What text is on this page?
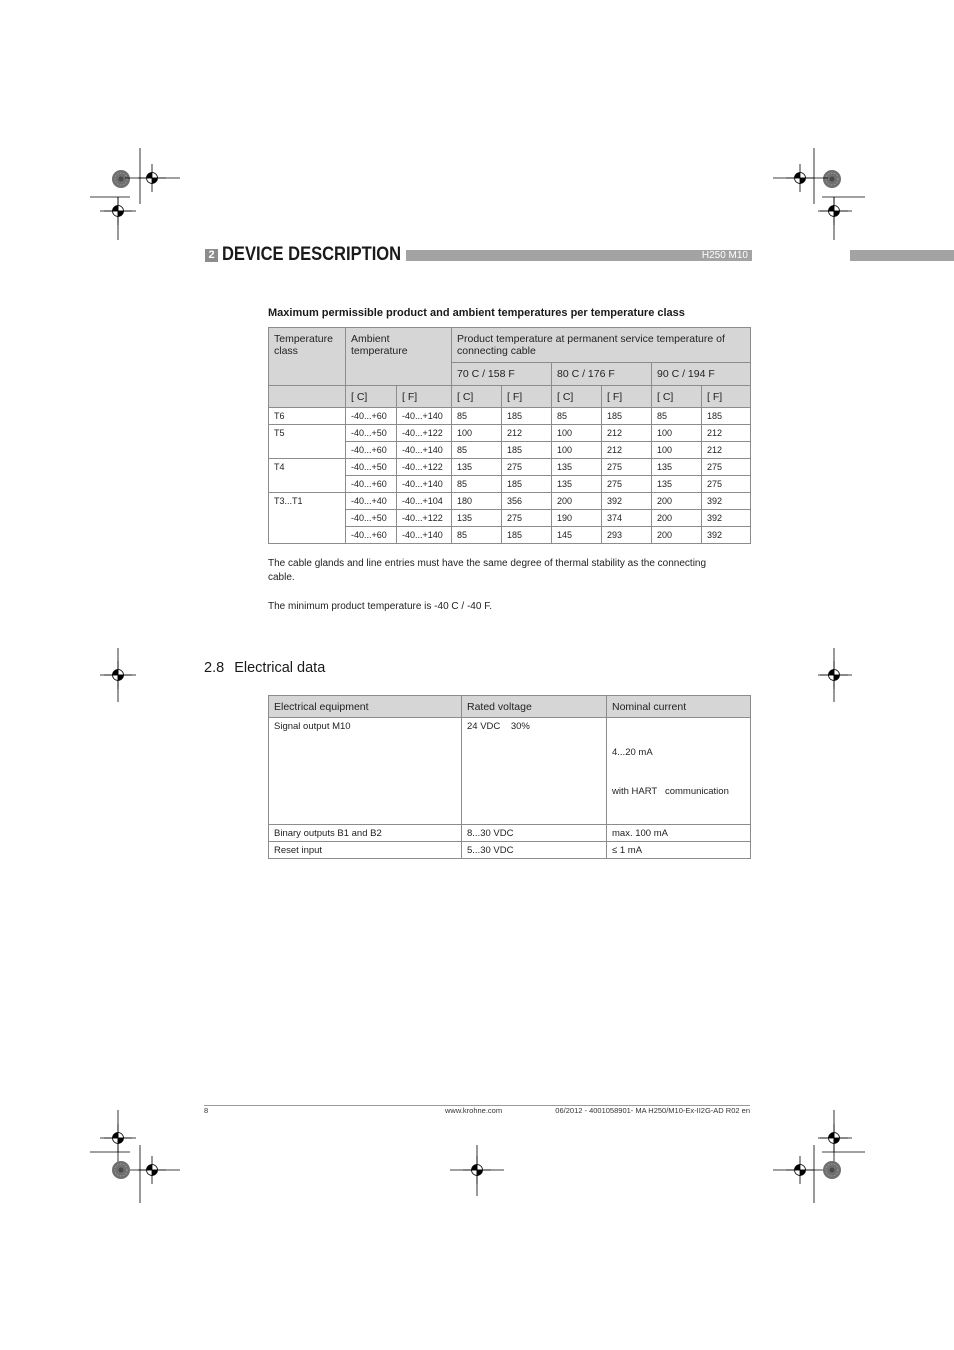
2 DEVICE DESCRIPTION	H250 M10
Maximum permissible product and ambient temperatures per temperature class
Temperature class	Ambient temperature		Product temperature at permanent service temperature of connecting cable					
			70 C / 158 F		80 C / 176 F		90 C / 194 F	
	[ C]	[ F]	[ C]	[ F]	[ C]	[ F]	[ C]	[ F]
T6	-40...+60	-40...+140	85	185	85	185	85	185
T5	-40...+50	-40...+122	100	212	100	212	100	212
	-40...+60	-40...+140	85	185	100	212	100	212
T4	-40...+50	-40...+122	135	275	135	275	135	275
	-40...+60	-40...+140	85	185	135	275	135	275
T3...T1	-40...+40	-40...+104	180	356	200	392	200	392
	-40...+50	-40...+122	135	275	190	374	200	392
	-40...+60	-40...+140	85	185	145	293	200	392
The cable glands and line entries must have the same degree of thermal stability as the connecting cable.
The minimum product temperature is -40 C / -40 F.
2.8 Electrical data
Electrical equipment	Rated voltage	Nominal current
Signal output M10	24 VDC    30%	4...20 mA

with HART   communication

Binary outputs B1 and B2	8...30 VDC	max. 100 mA
Reset input	5...30 VDC	≤ 1 mA
8	www.krohne.com	06/2012 - 4001058901- MA H250/M10-Ex-II2G-AD R02 en
